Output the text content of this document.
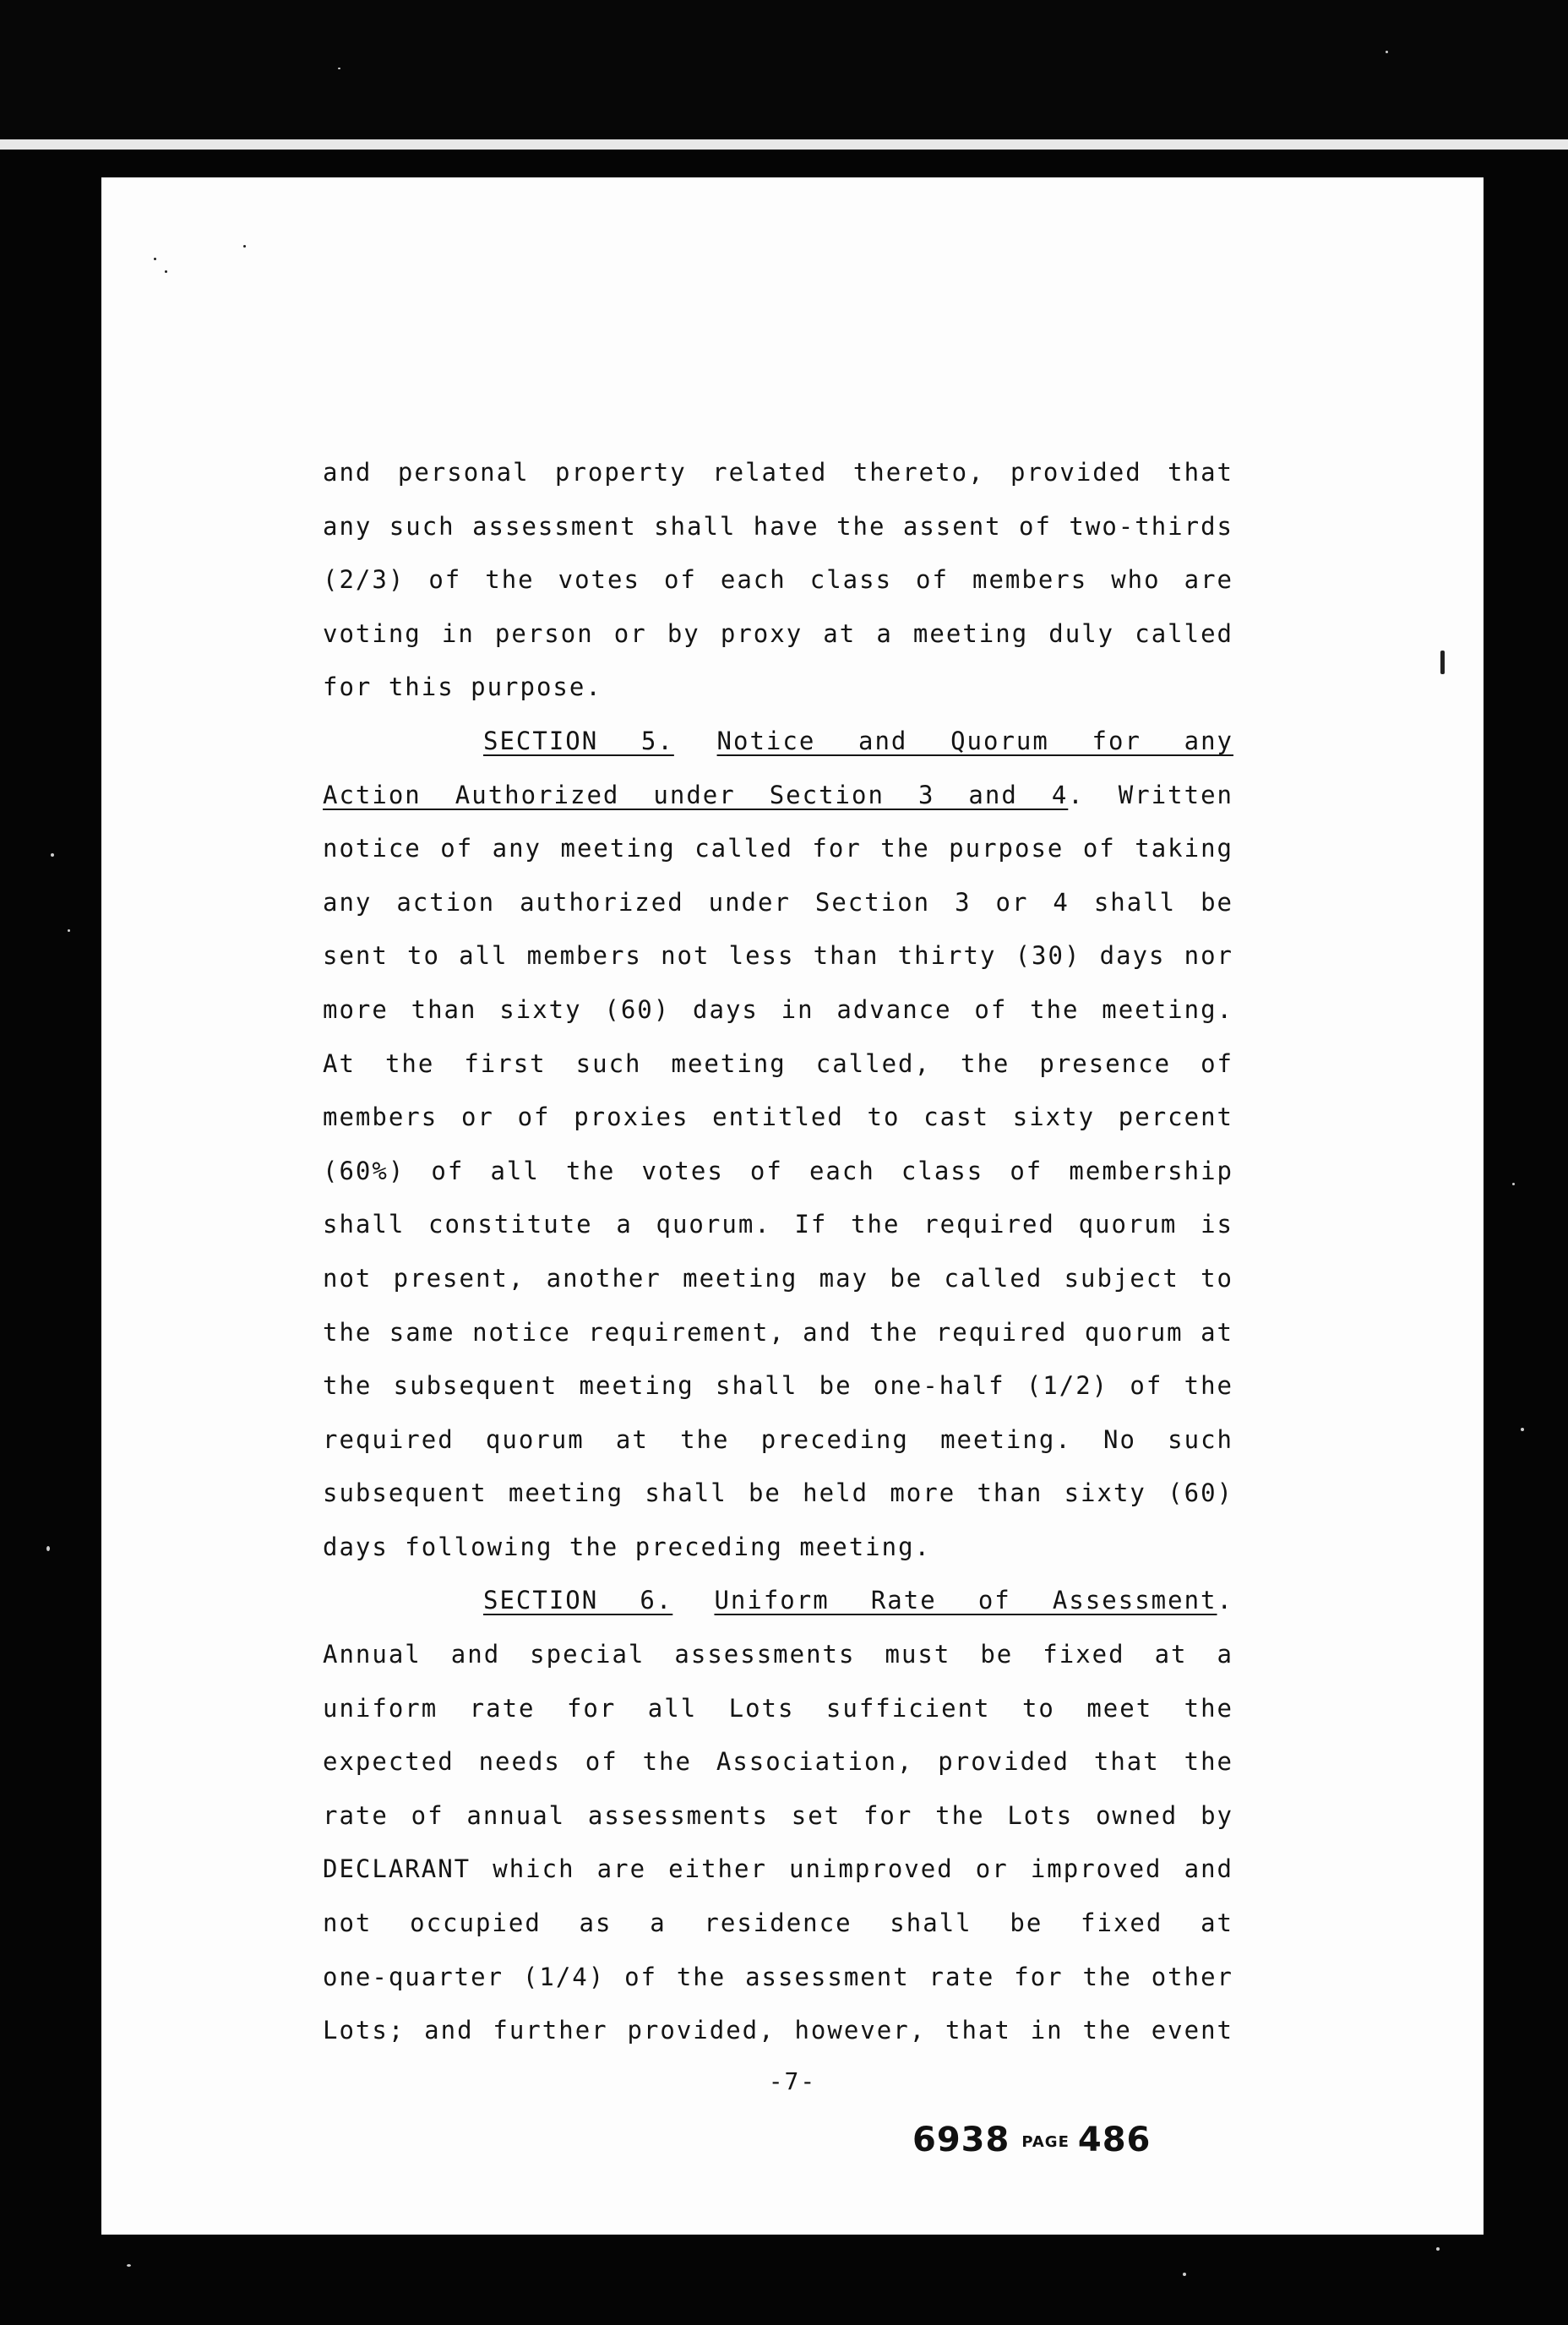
and personal property related thereto, provided that
any such assessment shall have the assent of two-thirds
(2/3) of the votes of each class of members who are
voting in person or by proxy at a meeting duly called
for this purpose.
SECTION 5. Notice and Quorum for any
Action Authorized under Section 3 and 4. Written
notice of any meeting called for the purpose of taking
any action authorized under Section 3 or 4 shall be
sent to all members not less than thirty (30) days nor
more than sixty (60) days in advance of the meeting.
At the first such meeting called, the presence of
members or of proxies entitled to cast sixty percent
(60%) of all the votes of each class of membership
shall constitute a quorum. If the required quorum is
not present, another meeting may be called subject to
the same notice requirement, and the required quorum at
the subsequent meeting shall be one-half (1/2) of the
required quorum at the preceding meeting. No such
subsequent meeting shall be held more than sixty (60)
days following the preceding meeting.
SECTION 6. Uniform Rate of Assessment.
Annual and special assessments must be fixed at a
uniform rate for all Lots sufficient to meet the
expected needs of the Association, provided that the
rate of annual assessments set for the Lots owned by
DECLARANT which are either unimproved or improved and
not occupied as a residence shall be fixed at
one-quarter (1/4) of the assessment rate for the other
Lots; and further provided, however, that in the event
-7-
6938 PAGE 486
